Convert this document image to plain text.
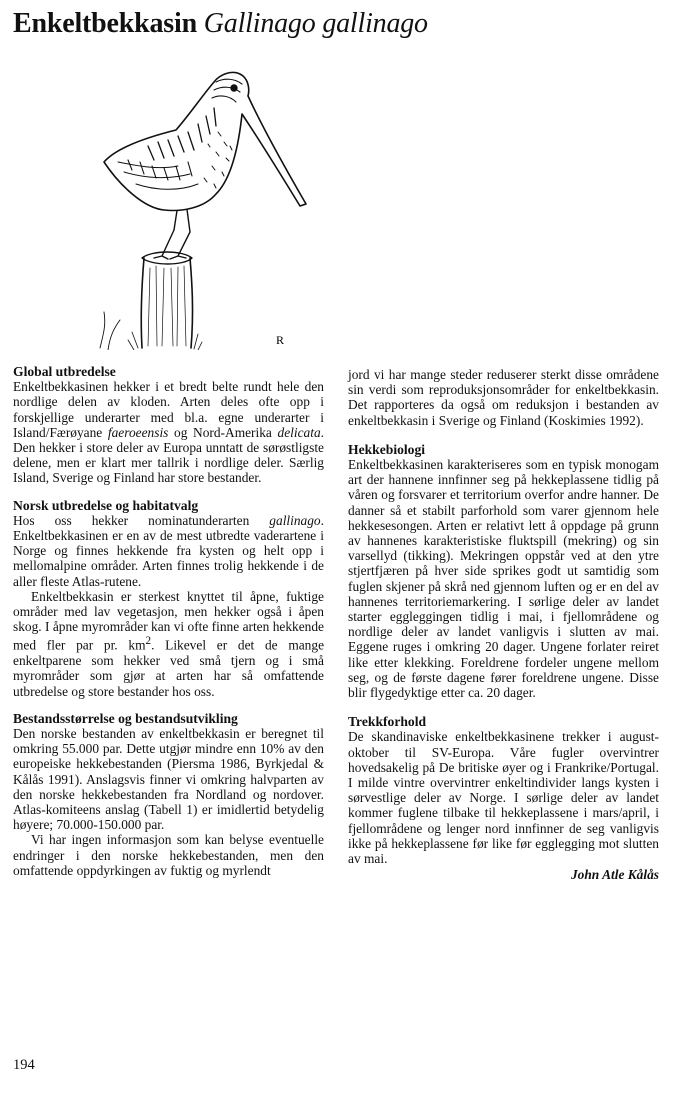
Enkeltbekkasin Gallinago gallinago
R
Global utbredelse

Enkeltbekkasinen hekker i et bredt belte rundt hele den nordlige delen av kloden. Arten deles ofte opp i forskjellige underarter med bl.a. egne underarter i Island/Færøyane faeroeensis og Nord-Amerika delicata. Den hekker i store deler av Europa unntatt de sørøstligste delene, men er klart mer tallrik i nordlige deler. Særlig Island, Sverige og Finland har store bestander.

Norsk utbredelse og habitatvalg

Hos oss hekker nominatunderarten gallinago. Enkeltbekkasinen er en av de mest utbredte vaderartene i Norge og finnes hekkende fra kysten og helt opp i mellomalpine områder. Arten finnes trolig hekkende i de aller fleste Atlas-rutene.

Enkeltbekkasin er sterkest knyttet til åpne, fuktige områder med lav vegetasjon, men hekker også i åpen skog. I åpne myrområder kan vi ofte finne arten hekkende med fler par pr. $km^2$. Likevel er det de mange enkeltparene som hekker ved små tjern og i små myrområder som gjør at arten har så omfattende utbredelse og store bestander hos oss.

Bestandsstørrelse og bestandsutvikling

Den norske bestanden av enkeltbekkasin er beregnet til omkring 55.000 par. Dette utgjør mindre enn 10% av den europeiske hekkebestanden (Piersma 1986, Byrkjedal & Kålås 1991). Anslagsvis finner vi omkring halvparten av den norske hekkebestanden fra Nordland og nordover. Atlas-komiteens anslag (Tabell 1) er imidlertid betydelig høyere; 70.000-150.000 par.

Vi har ingen informasjon som kan belyse eventuelle endringer i den norske hekkebestanden, men den omfattende oppdyrkingen av fuktig og myrlendt

jord vi har mange steder reduserer sterkt disse områdene sin verdi som reproduksjonsområder for enkeltbekkasin. Det rapporteres da også om reduksjon i bestanden av enkeltbekkasin i Sverige og Finland (Koskimies 1992).

Hekkebiologi

Enkeltbekkasinen karakteriseres som en typisk monogam art der hannene innfinner seg på hekkeplassene tidlig på våren og forsvarer et territorium overfor andre hanner. De danner så et stabilt parforhold som varer gjennom hele hekkesesongen. Arten er relativt lett å oppdage på grunn av hannenes karakteristiske fluktspill (mekring) og sin varsellyd (tikking). Mekringen oppstår ved at den ytre stjertfjæren på hver side sprikes godt ut samtidig som fuglen skjener på skrå ned gjennom luften og er en del av hannenes territoriemarkering. I sørlige deler av landet starter eggleggingen tidlig i mai, i fjellområdene og nordlige deler av landet vanligvis i slutten av mai. Eggene ruges i omkring 20 dager. Ungene forlater reiret like etter klekking. Foreldrene fordeler ungene mellom seg, og de første dagene fører foreldrene ungene. Disse blir flygedyktige etter ca. 20 dager.

Trekkforhold

De skandinaviske enkeltbekkasinene trekker i august-oktober til SV-Europa. Våre fugler overvintrer hovedsakelig på De britiske øyer og i Frankrike/Portugal. I milde vintre overvintrer enkeltindivider langs kysten i sørvestlige deler av Norge. I sørlige deler av landet kommer fuglene tilbake til hekkeplassene i mars/april, i fjellområdene og lenger nord innfinner de seg vanligvis ikke på hekkeplassene før like før egglegging mot slutten av mai.

John Atle Kålås
194
